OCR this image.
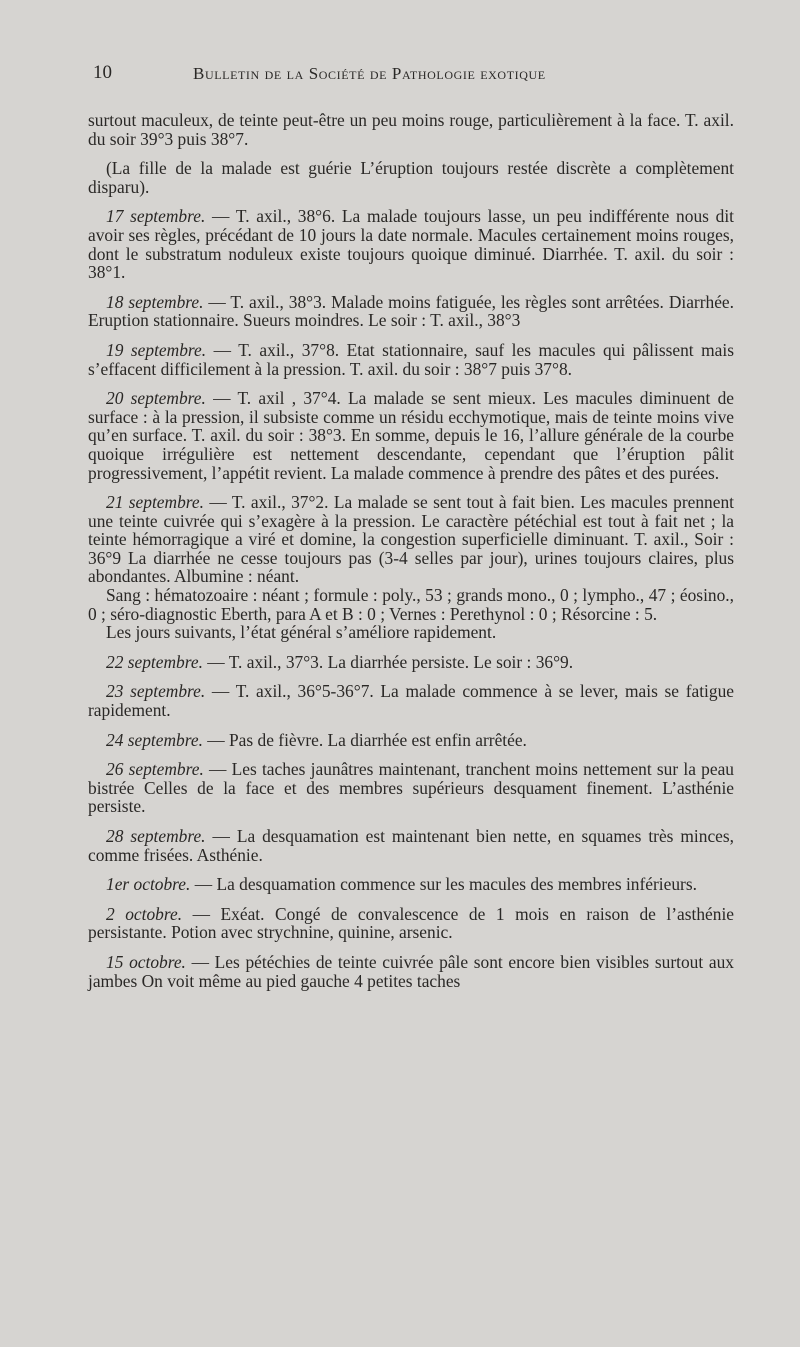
10	Bulletin de la Société de Pathologie exotique

surtout maculeux, de teinte peut-être un peu moins rouge, particulièrement à la face. T. axil. du soir 39°3 puis 38°7.

(La fille de la malade est guérie L’éruption toujours restée discrète a complètement disparu).

17 septembre. — T. axil., 38°6. La malade toujours lasse, un peu indifférente nous dit avoir ses règles, précédant de 10 jours la date normale. Macules certainement moins rouges, dont le substratum noduleux existe toujours quoique diminué. Diarrhée. T. axil. du soir : 38°1.

18 septembre. — T. axil., 38°3. Malade moins fatiguée, les règles sont arrêtées. Diarrhée. Eruption stationnaire. Sueurs moindres. Le soir : T. axil., 38°3

19 septembre. — T. axil., 37°8. Etat stationnaire, sauf les macules qui pâlissent mais s’effacent difficilement à la pression. T. axil. du soir : 38°7 puis 37°8.

20 septembre. — T. axil , 37°4. La malade se sent mieux. Les macules diminuent de surface : à la pression, il subsiste comme un résidu ecchymotique, mais de teinte moins vive qu’en surface. T. axil. du soir : 38°3. En somme, depuis le 16, l’allure générale de la courbe quoique irrégulière est nettement descendante, cependant que l’éruption pâlit progressivement, l’appétit revient. La malade commence à prendre des pâtes et des purées.

21 septembre. — T. axil., 37°2. La malade se sent tout à fait bien. Les macules prennent une teinte cuivrée qui s’exagère à la pression. Le caractère pétéchial est tout à fait net ; la teinte hémorragique a viré et domine, la congestion superficielle diminuant. T. axil., Soir : 36°9 La diarrhée ne cesse toujours pas (3-4 selles par jour), urines toujours claires, plus abondantes. Albumine : néant.

Sang : hématozoaire : néant ; formule : poly., 53 ; grands mono., 0 ; lympho., 47 ; éosino., 0 ; séro-diagnostic Eberth, para A et B : 0 ; Vernes : Perethynol : 0 ; Résorcine : 5.

Les jours suivants, l’état général s’améliore rapidement.

22 septembre. — T. axil., 37°3. La diarrhée persiste. Le soir : 36°9.

23 septembre. — T. axil., 36°5-36°7. La malade commence à se lever, mais se fatigue rapidement.

24 septembre. — Pas de fièvre. La diarrhée est enfin arrêtée.

26 septembre. — Les taches jaunâtres maintenant, tranchent moins nettement sur la peau bistrée Celles de la face et des membres supérieurs desquament finement. L’asthénie persiste.

28 septembre. — La desquamation est maintenant bien nette, en squames très minces, comme frisées. Asthénie.

1er octobre. — La desquamation commence sur les macules des membres inférieurs.

2 octobre. — Exéat. Congé de convalescence de 1 mois en raison de l’asthénie persistante. Potion avec strychnine, quinine, arsenic.

15 octobre. — Les pétéchies de teinte cuivrée pâle sont encore bien visibles surtout aux jambes On voit même au pied gauche 4 petites taches
